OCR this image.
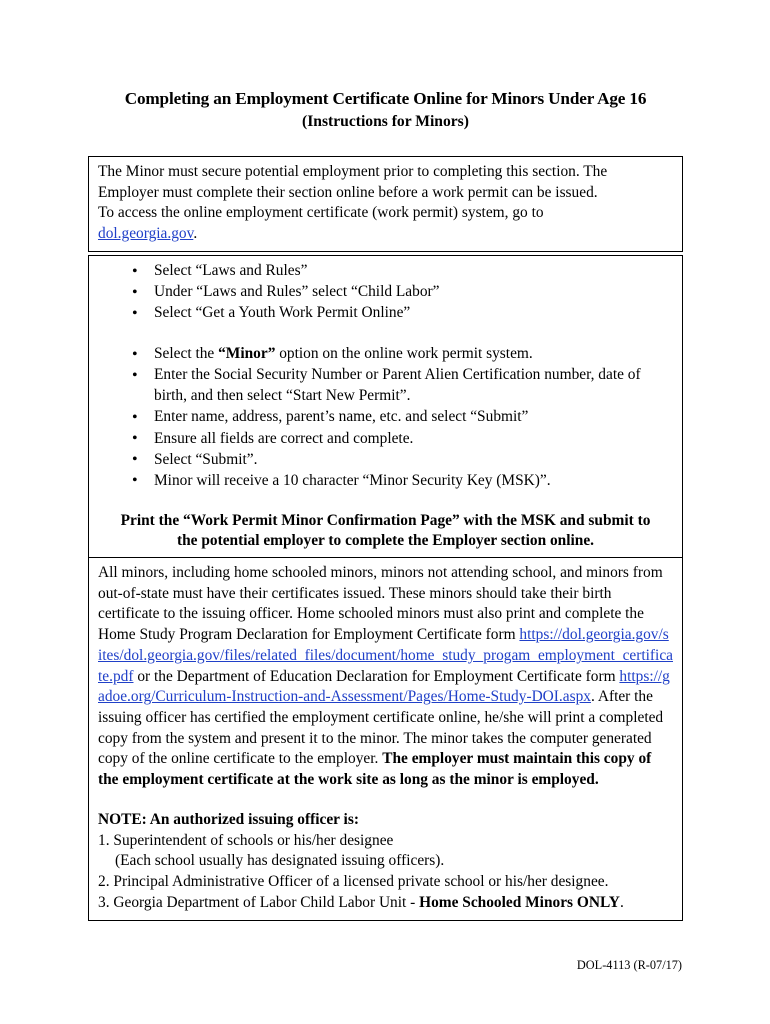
Completing an Employment Certificate Online for Minors Under Age 16
(Instructions for Minors)
The Minor must secure potential employment prior to completing this section. The
Employer must complete their section online before a work permit can be issued.
To access the online employment certificate (work permit) system, go to
dol.georgia.gov.
• Select “Laws and Rules”
• Under “Laws and Rules” select “Child Labor”
• Select “Get a Youth Work Permit Online”
• Select the “Minor” option on the online work permit system.
• Enter the Social Security Number or Parent Alien Certification number, date of birth, and then select “Start New Permit”.
• Enter name, address, parent’s name, etc. and select “Submit”
• Ensure all fields are correct and complete.
• Select “Submit”.
• Minor will receive a 10 character “Minor Security Key (MSK)”.
Print the “Work Permit Minor Confirmation Page” with the MSK and submit to
the potential employer to complete the Employer section online.
All minors, including home schooled minors, minors not attending school, and minors from out-of-state must have their certificates issued. These minors should take their birth certificate to the issuing officer. Home schooled minors must also print and complete the Home Study Program Declaration for Employment Certificate form https://dol.georgia.gov/sites/dol.georgia.gov/files/related_files/document/home_study_progam_employment_certificate.pdf or the Department of Education Declaration for Employment Certificate form https://gadoe.org/Curriculum-Instruction-and-Assessment/Pages/Home-Study-DOI.aspx. After the issuing officer has certified the employment certificate online, he/she will print a completed copy from the system and present it to the minor. The minor takes the computer generated copy of the online certificate to the employer. The employer must maintain this copy of the employment certificate at the work site as long as the minor is employed.
NOTE: An authorized issuing officer is:
1. Superintendent of schools or his/her designee
(Each school usually has designated issuing officers).
2. Principal Administrative Officer of a licensed private school or his/her designee.
3. Georgia Department of Labor Child Labor Unit - Home Schooled Minors ONLY.
DOL-4113 (R-07/17)
